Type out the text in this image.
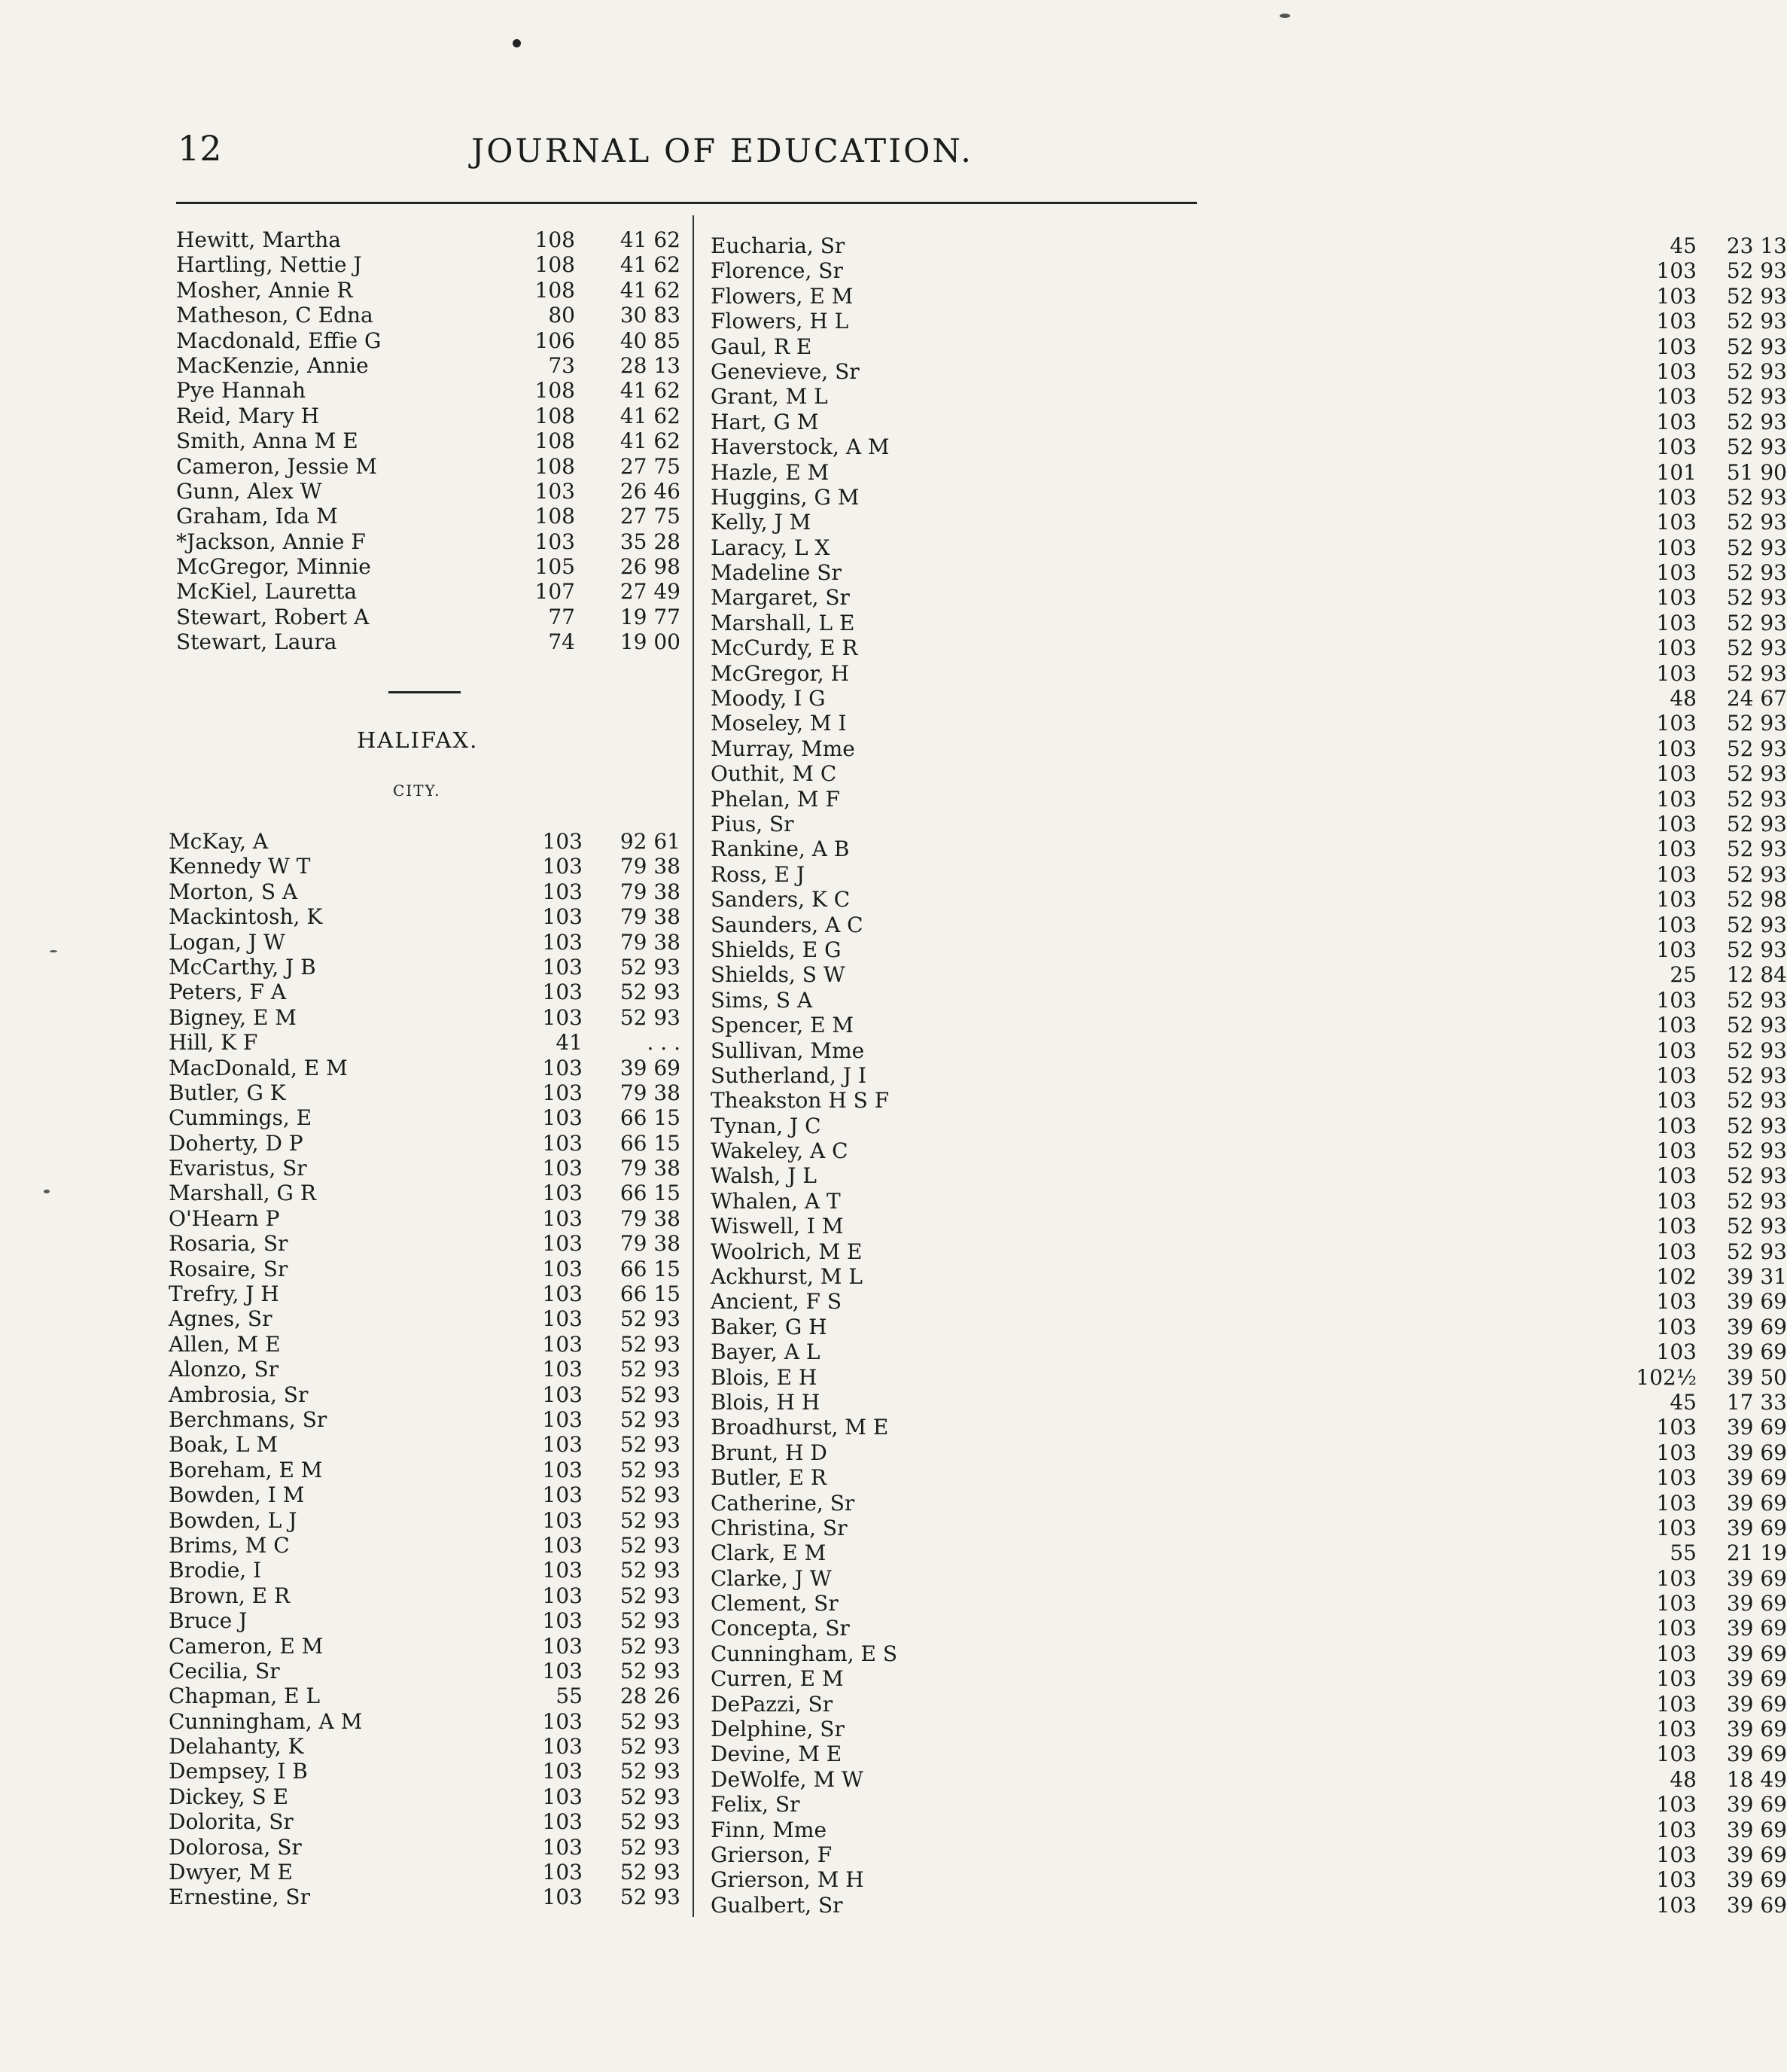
12	JOURNAL OF EDUCATION.
Hewitt, Martha	108	41 62
Hartling, Nettie J	108	41 62
Mosher, Annie R	108	41 62
Matheson, C Edna	80	30 83
Macdonald, Effie G	106	40 85
MacKenzie, Annie	73	28 13
Pye Hannah	108	41 62
Reid, Mary H	108	41 62
Smith, Anna M E	108	41 62
Cameron, Jessie M	108	27 75
Gunn, Alex W	103	26 46
Graham, Ida M	108	27 75
*Jackson, Annie F	103	35 28
McGregor, Minnie	105	26 98
McKiel, Lauretta	107	27 49
Stewart, Robert A	77	19 77
Stewart, Laura	74	19 00
HALIFAX.
CITY.
McKay, A	103	92 61
Kennedy W T	103	79 38
Morton, S A	103	79 38
Mackintosh, K	103	79 38
Logan, J W	103	79 38
McCarthy, J B	103	52 93
Peters, F A	103	52 93
Bigney, E M	103	52 93
Hill, K F	41	. . .
MacDonald, E M	103	39 69
Butler, G K	103	79 38
Cummings, E	103	66 15
Doherty, D P	103	66 15
Evaristus, Sr	103	79 38
Marshall, G R	103	66 15
O'Hearn P	103	79 38
Rosaria, Sr	103	79 38
Rosaire, Sr	103	66 15
Trefry, J H	103	66 15
Agnes, Sr	103	52 93
Allen, M E	103	52 93
Alonzo, Sr	103	52 93
Ambrosia, Sr	103	52 93
Berchmans, Sr	103	52 93
Boak, L M	103	52 93
Boreham, E M	103	52 93
Bowden, I M	103	52 93
Bowden, L J	103	52 93
Brims, M C	103	52 93
Brodie, I	103	52 93
Brown, E R	103	52 93
Bruce J	103	52 93
Cameron, E M	103	52 93
Cecilia, Sr	103	52 93
Chapman, E L	55	28 26
Cunningham, A M	103	52 93
Delahanty, K	103	52 93
Dempsey, I B	103	52 93
Dickey, S E	103	52 93
Dolorita, Sr	103	52 93
Dolorosa, Sr	103	52 93
Dwyer, M E	103	52 93
Ernestine, Sr	103	52 93
Eucharia, Sr	45	23 13
Florence, Sr	103	52 93
Flowers, E M	103	52 93
Flowers, H L	103	52 93
Gaul, R E	103	52 93
Genevieve, Sr	103	52 93
Grant, M L	103	52 93
Hart, G M	103	52 93
Haverstock, A M	103	52 93
Hazle, E M	101	51 90
Huggins, G M	103	52 93
Kelly, J M	103	52 93
Laracy, L X	103	52 93
Madeline Sr	103	52 93
Margaret, Sr	103	52 93
Marshall, L E	103	52 93
McCurdy, E R	103	52 93
McGregor, H	103	52 93
Moody, I G	48	24 67
Moseley, M I	103	52 93
Murray, Mme	103	52 93
Outhit, M C	103	52 93
Phelan, M F	103	52 93
Pius, Sr	103	52 93
Rankine, A B	103	52 93
Ross, E J	103	52 93
Sanders, K C	103	52 98
Saunders, A C	103	52 93
Shields, E G	103	52 93
Shields, S W	25	12 84
Sims, S A	103	52 93
Spencer, E M	103	52 93
Sullivan, Mme	103	52 93
Sutherland, J I	103	52 93
Theakston H S F	103	52 93
Tynan, J C	103	52 93
Wakeley, A C	103	52 93
Walsh, J L	103	52 93
Whalen, A T	103	52 93
Wiswell, I M	103	52 93
Woolrich, M E	103	52 93
Ackhurst, M L	102	39 31
Ancient, F S	103	39 69
Baker, G H	103	39 69
Bayer, A L	103	39 69
Blois, E H	102½	39 50
Blois, H H	45	17 33
Broadhurst, M E	103	39 69
Brunt, H D	103	39 69
Butler, E R	103	39 69
Catherine, Sr	103	39 69
Christina, Sr	103	39 69
Clark, E M	55	21 19
Clarke, J W	103	39 69
Clement, Sr	103	39 69
Concepta, Sr	103	39 69
Cunningham, E S	103	39 69
Curren, E M	103	39 69
DePazzi, Sr	103	39 69
Delphine, Sr	103	39 69
Devine, M E	103	39 69
DeWolfe, M W	48	18 49
Felix, Sr	103	39 69
Finn, Mme	103	39 69
Grierson, F	103	39 69
Grierson, M H	103	39 69
Gualbert, Sr	103	39 69
